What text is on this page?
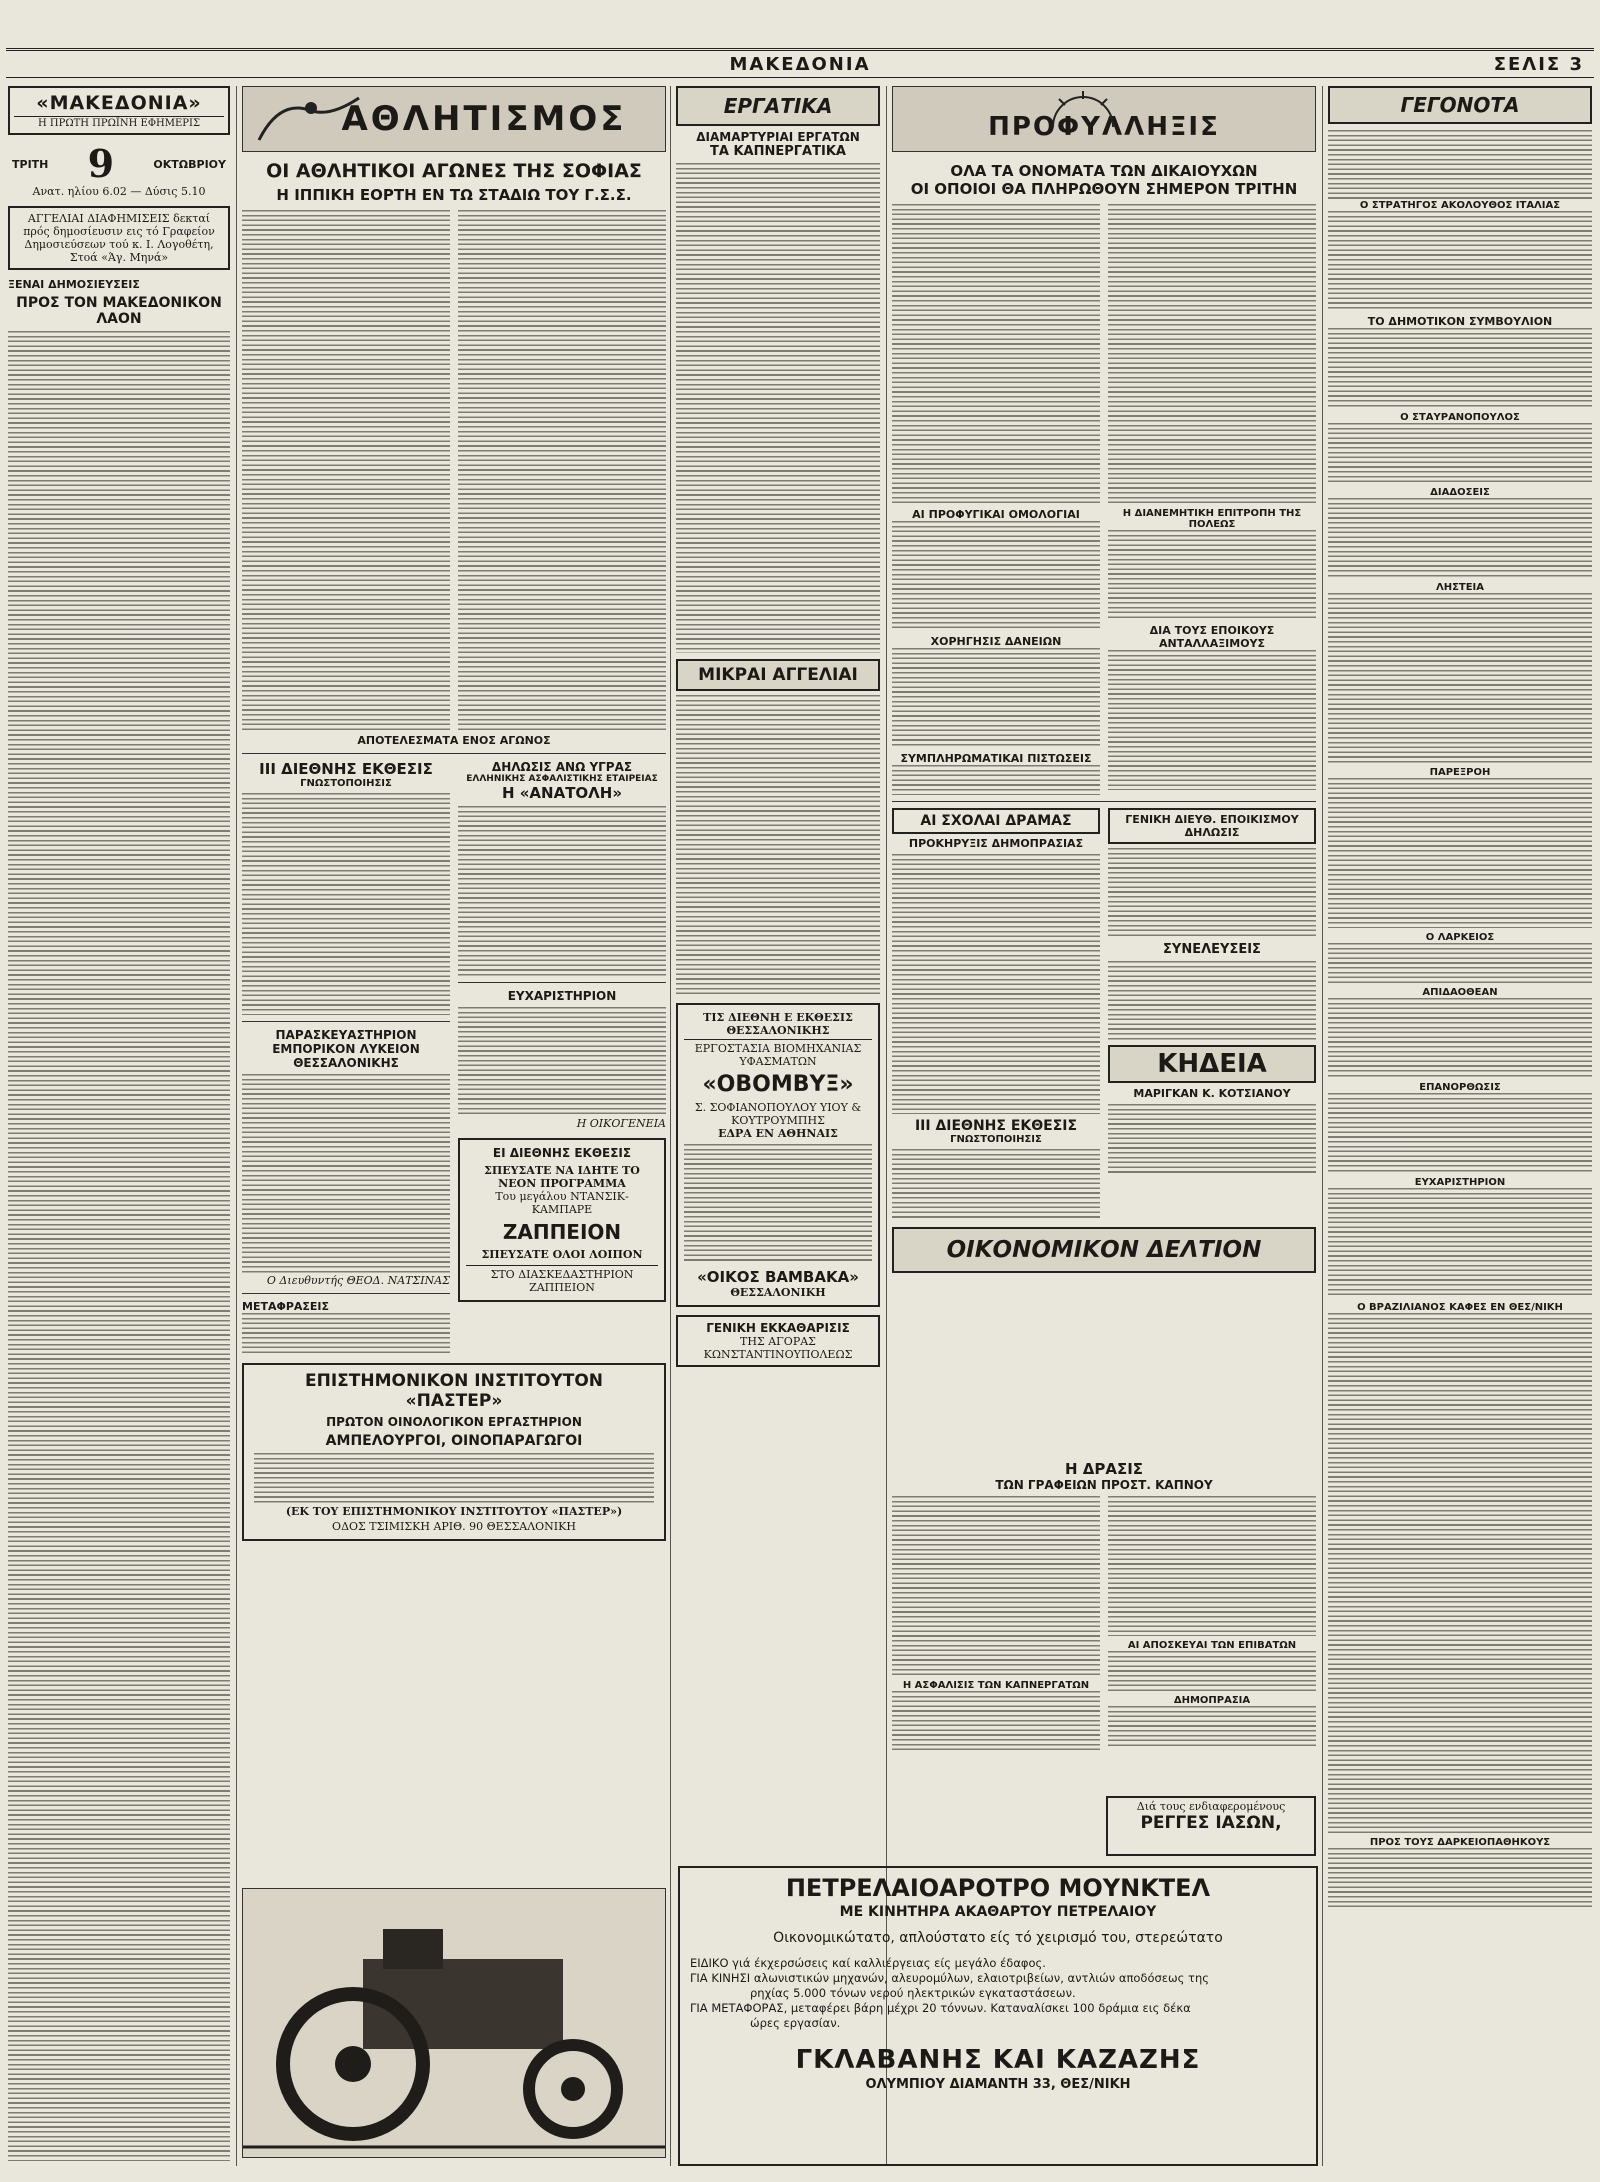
ΜΑΚΕΔΟΝΙΑ	ΣΕΛΙΣ 3
«ΜΑΚΕΔΟΝΙΑ»
Η ΠΡΩΤΗ ΠΡΩΪΝΗ ΕΦΗΜΕΡΙΣ
ΤΡΙΤΗ 9	ΟΚΤΩΒΡΙΟΥ
Ανατ. ηλίου 6.02 — Δύσις 5.10
ΑΓΓΕΛΙΑΙ ΔΙΑΦΗΜΙΣΕΙΣ δεκταί πρός δημοσίευσιν εις τό Γραφείον Δημοσιεύσεων τού κ. Ι. Λογοθέτη, Στοά «Άγ. Μηνά»
ΞΕΝΑΙ ΔΗΜΟΣΙΕΥΣΕΙΣ
ΠΡΟΣ ΤΟΝ ΜΑΚΕΔΟΝΙΚΟΝ ΛΑΟΝ
ΑΘΛΗΤΙΣΜΟΣ
ΟΙ ΑΘΛΗΤΙΚΟΙ ΑΓΩΝΕΣ ΤΗΣ ΣΟΦΙΑΣ
Η ΙΠΠΙΚΗ ΕΟΡΤΗ ΕΝ ΤΩ ΣΤΑΔΙΩ ΤΟΥ Γ.Σ.Σ.
ΑΠΟΤΕΛΕΣΜΑΤΑ ΕΝΟΣ ΑΓΩΝΟΣ
III ΔΙΕΘΝΗΣ ΕΚΘΕΣΙΣ
ΓΝΩΣΤΟΠΟΙΗΣΙΣ
ΠΑΡΑΣΚΕΥΑΣΤΗΡΙΟΝ ΕΜΠΟΡΙΚΟΝ ΛΥΚΕΙΟΝ ΘΕΣΣΑΛΟΝΙΚΗΣ
Ο Διευθυντής ΘΕΟΔ. ΝΑΤΣΙΝΑΣ
ΜΕΤΑΦΡΑΣΕΙΣ
ΔΗΛΩΣΙΣ ΑΝΩ ΥΓΡΑΣ
ΕΛΛΗΝΙΚΗΣ ΑΣΦΑΛΙΣΤΙΚΗΣ ΕΤΑΙΡΕΙΑΣ
Η «ΑΝΑΤΟΛΗ»
ΕΥΧΑΡΙΣΤΗΡΙΟΝ
Η ΟΙΚΟΓΕΝΕΙΑ
ΕΙ ΔΙΕΘΝΗΣ ΕΚΘΕΣΙΣ
ΣΠΕΥΣΑΤΕ ΝΑ ΙΔΗΤΕ ΤΟ ΝΕΟΝ ΠΡΟΓΡΑΜΜΑ
Του μεγάλου ΝΤΑΝΣΙΚ-ΚΑΜΠΑΡΕ
ΖΑΠΠΕΙΟΝ
ΣΠΕΥΣΑΤΕ ΟΛΟΙ ΛΟΙΠΟΝ
ΣΤΟ ΔΙΑΣΚΕΔΑΣΤΗΡΙΟΝ ΖΑΠΠΕΙΟΝ
ΕΠΙΣΤΗΜΟΝΙΚΟΝ ΙΝΣΤΙΤΟΥΤΟΝ
«ΠΑΣΤΕΡ»
ΠΡΩΤΟΝ ΟΙΝΟΛΟΓΙΚΟΝ ΕΡΓΑΣΤΗΡΙΟΝ
ΑΜΠΕΛΟΥΡΓΟΙ, ΟΙΝΟΠΑΡΑΓΩΓΟΙ
(ΕΚ ΤΟΥ ΕΠΙΣΤΗΜΟΝΙΚΟΥ ΙΝΣΤΙΤΟΥΤΟΥ «ΠΑΣΤΕΡ»)
ΟΔΟΣ ΤΣΙΜΙΣΚΗ ΑΡΙΘ. 90 ΘΕΣΣΑΛΟΝΙΚΗ
ΕΡΓΑΤΙΚΑ
ΔΙΑΜΑΡΤΥΡΙΑΙ ΕΡΓΑΤΩΝ
ΤΑ ΚΑΠΝΕΡΓΑΤΙΚΑ
ΜΙΚΡΑΙ ΑΓΓΕΛΙΑΙ
ΤΙΣ ΔΙΕΘΝΗ Ε ΕΚΘΕΣΙΣ ΘΕΣΣΑΛΟΝΙΚΗΣ
ΕΡΓΟΣΤΑΣΙΑ ΒΙΟΜΗΧΑΝΙΑΣ ΥΦΑΣΜΑΤΩΝ
«ΟΒΟΜΒΥΞ»
Σ. ΣΟΦΙΑΝΟΠΟΥΛΟΥ ΥΙΟΥ & ΚΟΥΤΡΟΥΜΠΗΣ
ΕΔΡΑ ΕΝ ΑΘΗΝΑΙΣ
«ΟΙΚΟΣ ΒΑΜΒΑΚΑ»
ΘΕΣΣΑΛΟΝΙΚΗ
ΓΕΝΙΚΗ ΕΚΚΑΘΑΡΙΣΙΣ
ΤΗΣ ΑΓΟΡΑΣ ΚΩΝΣΤΑΝΤΙΝΟΥΠΟΛΕΩΣ
ΠΡΟΦΥΛΛΗΞΙΣ
ΟΛΑ ΤΑ ΟΝΟΜΑΤΑ ΤΩΝ ΔΙΚΑΙΟΥΧΩΝ
ΟΙ ΟΠΟΙΟΙ ΘΑ ΠΛΗΡΩΘΟΥΝ ΣΗΜΕΡΟΝ ΤΡΙΤΗΝ
ΑΙ ΠΡΟΦΥΓΙΚΑΙ ΟΜΟΛΟΓΙΑΙ
ΧΟΡΗΓΗΣΙΣ ΔΑΝΕΙΩΝ
ΣΥΜΠΛΗΡΩΜΑΤΙΚΑΙ ΠΙΣΤΩΣΕΙΣ
Η ΔΙΑΝΕΜΗΤΙΚΗ ΕΠΙΤΡΟΠΗ ΤΗΣ ΠΟΛΕΩΣ
ΔΙΑ ΤΟΥΣ ΕΠΟΙΚΟΥΣ ΑΝΤΑΛΛΑΞΙΜΟΥΣ
ΑΙ ΣΧΟΛΑΙ ΔΡΑΜΑΣ
ΠΡΟΚΗΡΥΞΙΣ ΔΗΜΟΠΡΑΣΙΑΣ
III ΔΙΕΘΝΗΣ ΕΚΘΕΣΙΣ
ΓΝΩΣΤΟΠΟΙΗΣΙΣ
ΓΕΝΙΚΗ ΔΙΕΥΘ. ΕΠΟΙΚΙΣΜΟΥ
ΔΗΛΩΣΙΣ
ΣΥΝΕΛΕΥΣΕΙΣ
ΚΗΔΕΙΑ
ΜΑΡΙΓΚΑΝ Κ. ΚΟΤΣΙΑΝΟΥ
ΟΙΚΟΝΟΜΙΚΟΝ ΔΕΛΤΙΟΝ
ΓΕΓΟΝΟΤΑ
Ο ΣΤΡΑΤΗΓΟΣ ΑΚΟΛΟΥΘΟΣ ΙΤΑΛΙΑΣ
ΤΟ ΔΗΜΟΤΙΚΟΝ ΣΥΜΒΟΥΛΙΟΝ
Ο ΣΤΑΥΡΑΝΟΠΟΥΛΟΣ
ΔΙΑΔΟΣΕΙΣ
ΛΗΣΤΕΙΑ
ΠΑΡΕΞΡΟΗ
Ο ΛΑΡΚΕΙΟΣ
ΑΠΙΔΑΟΘΕΑΝ
ΕΠΑΝΟΡΘΩΣΙΣ
ΕΥΧΑΡΙΣΤΗΡΙΟΝ
Ο ΒΡΑΖΙΛΙΑΝΟΣ ΚΑΦΕΣ ΕΝ ΘΕΣ/ΝΙΚΗ
ΠΡΟΣ ΤΟΥΣ ΔΑΡΚΕΙΟΠΑΘΗΚΟΥΣ
Η ΔΡΑΣΙΣ
ΤΩΝ ΓΡΑΦΕΙΩΝ ΠΡΟΣΤ. ΚΑΠΝΟΥ
Η ΑΣΦΑΛΙΣΙΣ ΤΩΝ ΚΑΠΝΕΡΓΑΤΩΝ
ΑΙ ΑΠΟΣΚΕΥΑΙ ΤΩΝ ΕΠΙΒΑΤΩΝ
ΔΗΜΟΠΡΑΣΙΑ
Διά τους ενδιαφερομένους
ΡΕΓΓΕΣ ΙΑΣΩΝ,
ΠΕΤΡΕΛΑΙΟΑΡΟΤΡΟ ΜΟΥΝΚΤΕΛ
ΜΕ ΚΙΝΗΤΗΡΑ ΑΚΑΘΑΡΤΟΥ ΠΕΤΡΕΛΑΙΟΥ
Οικονομικώτατο, απλούστατο είς τό χειρισμό του, στερεώτατο
ΕΙΔΙΚΟ γιά έκχερσώσεις καί καλλιέργειας είς μεγάλο έδαφος.
ΓΙΑ ΚΙΝΗΣΙ αλωνιστικών μηχανών, αλευρομύλων, ελαιοτριβείων, αντλιών αποδόσεως της
ρηχίας 5.000 τόνων νερού ηλεκτρικών εγκαταστάσεων.
ΓΙΑ ΜΕΤΑΦΟΡΑΣ, μεταφέρει βάρη μέχρι 20 τόννων. Καταναλίσκει 100 δράμια εις δέκα
ώρες εργασίαν.
ΓΚΛΑΒΑΝΗΣ ΚΑΙ ΚΑΖΑΖΗΣ
ΟΛΥΜΠΙΟΥ ΔΙΑΜΑΝΤΗ 33, ΘΕΣ/ΝΙΚΗ
